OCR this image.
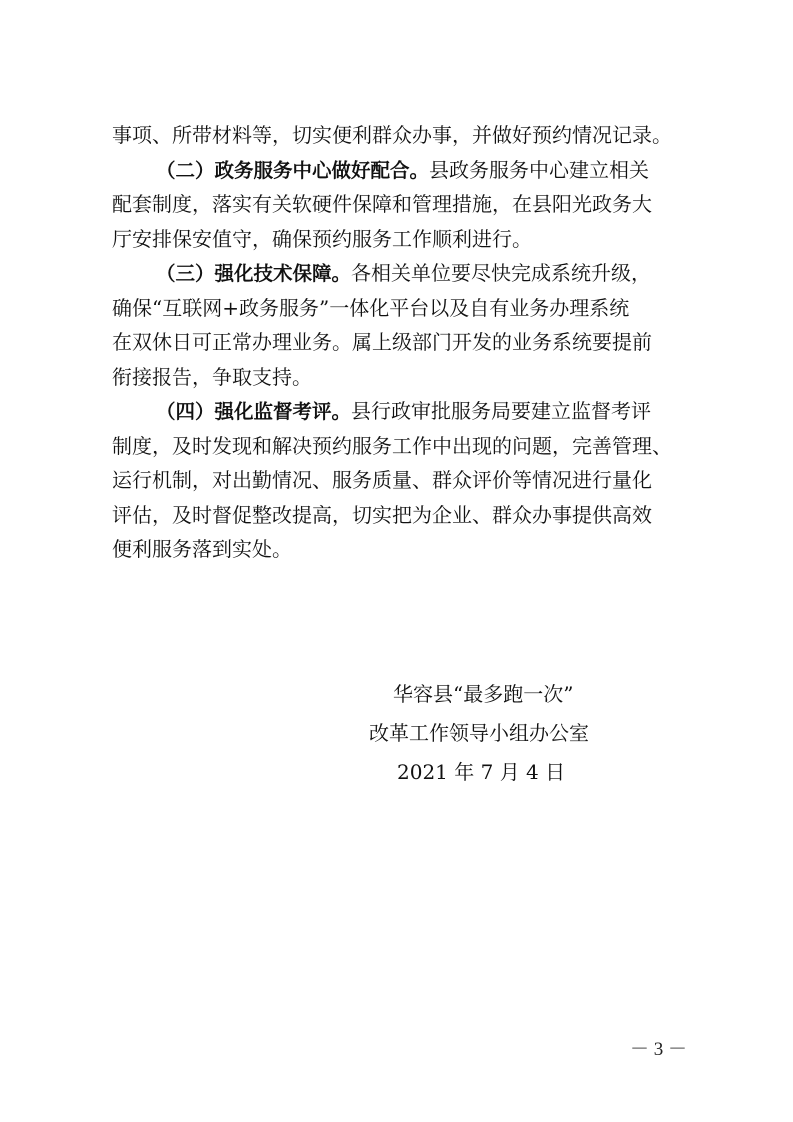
事项、所带材料等，切实便利群众办事，并做好预约情况记录。
（二）政务服务中心做好配合。县政务服务中心建立相关
配套制度，落实有关软硬件保障和管理措施，在县阳光政务大
厅安排保安值守，确保预约服务工作顺利进行。
（三）强化技术保障。各相关单位要尽快完成系统升级，
确保“互联网+政务服务”一体化平台以及自有业务办理系统
在双休日可正常办理业务。属上级部门开发的业务系统要提前
衔接报告，争取支持。
（四）强化监督考评。县行政审批服务局要建立监督考评
制度，及时发现和解决预约服务工作中出现的问题，完善管理、
运行机制，对出勤情况、服务质量、群众评价等情况进行量化
评估，及时督促整改提高，切实把为企业、群众办事提供高效
便利服务落到实处。
华容县“最多跑一次”
改革工作领导小组办公室
2021 年 7 月 4 日
－ 3 －
